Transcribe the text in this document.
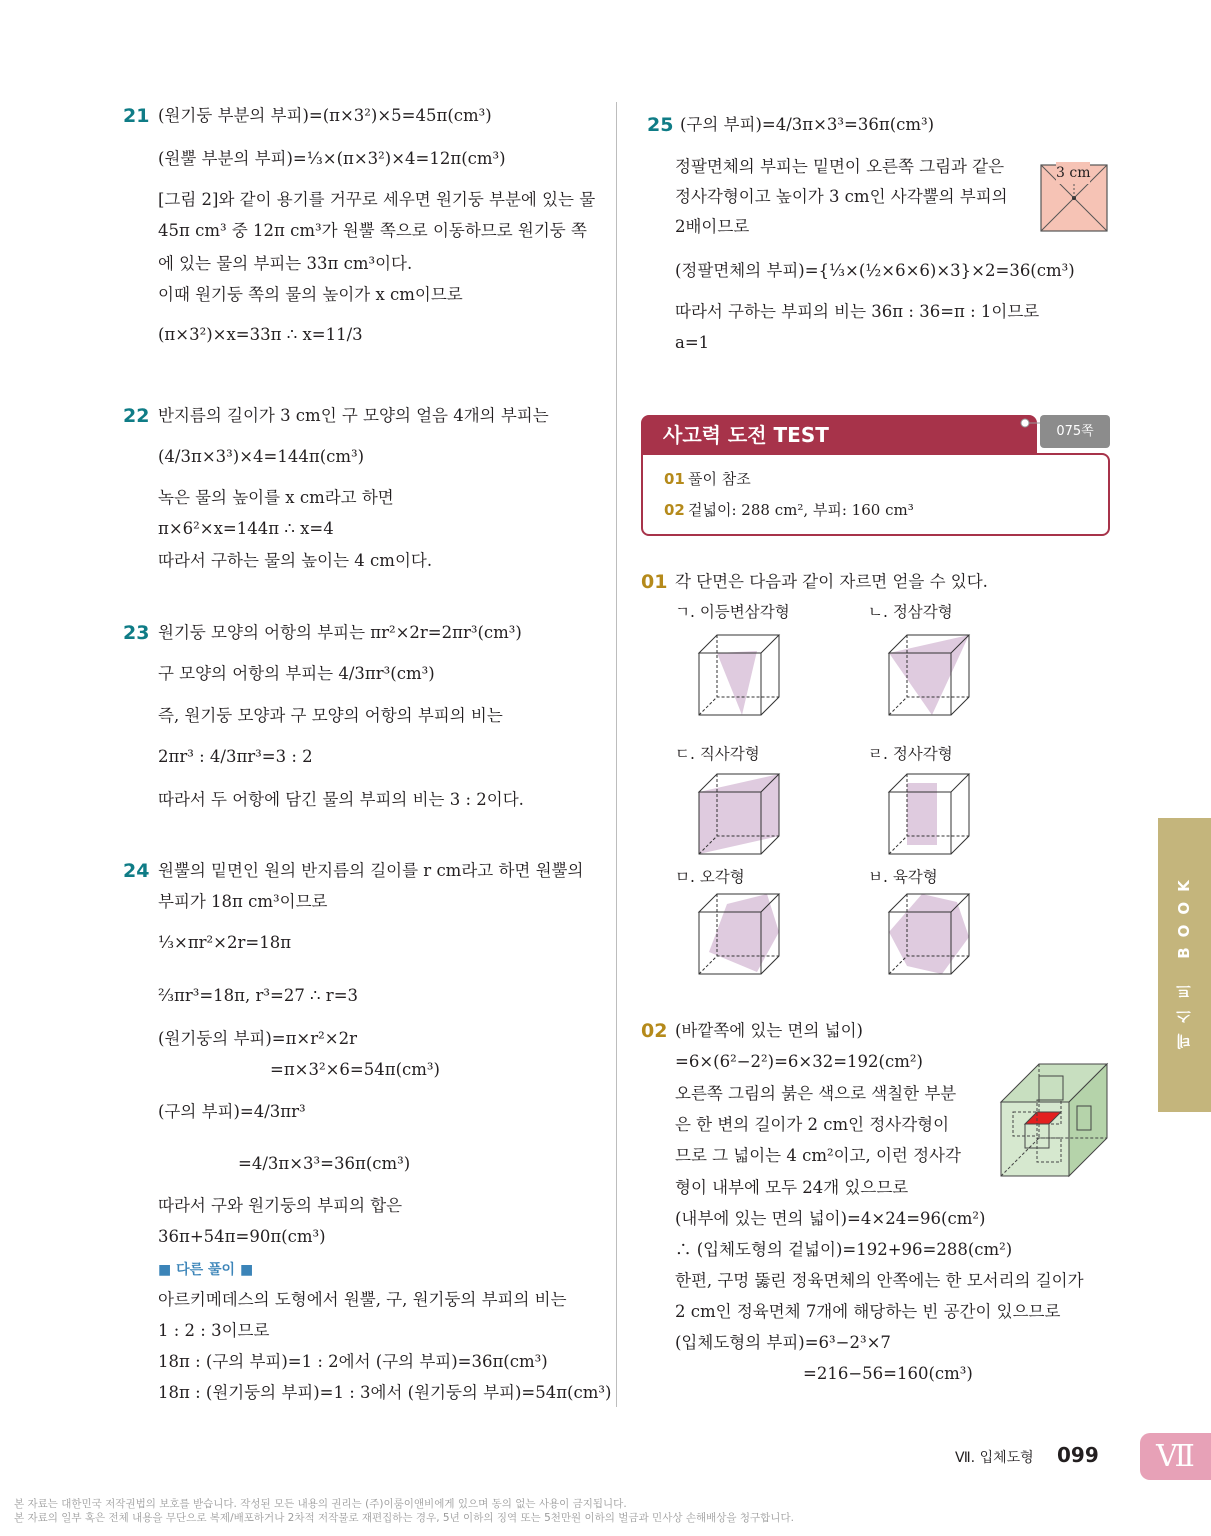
21 (원기둥 부분의 부피)=(π×3²)×5=45π(cm³)
(원뿔 부분의 부피)=⅓×(π×3²)×4=12π(cm³)
[그림 2]와 같이 용기를 거꾸로 세우면 원기둥 부분에 있는 물
45π cm³ 중 12π cm³가 원뿔 쪽으로 이동하므로 원기둥 쪽
에 있는 물의 부피는 33π cm³이다.
이때 원기둥 쪽의 물의 높이가 x cm이므로
(π×3²)×x=33π ∴ x=11/3
22 반지름의 길이가 3 cm인 구 모양의 얼음 4개의 부피는
(4/3π×3³)×4=144π(cm³)
녹은 물의 높이를 x cm라고 하면
π×6²×x=144π ∴ x=4
따라서 구하는 물의 높이는 4 cm이다.
23 원기둥 모양의 어항의 부피는 πr²×2r=2πr³(cm³)
구 모양의 어항의 부피는 4/3πr³(cm³)
즉, 원기둥 모양과 구 모양의 어항의 부피의 비는
2πr³ : 4/3πr³=3 : 2
따라서 두 어항에 담긴 물의 부피의 비는 3 : 2이다.
24 원뿔의 밑면인 원의 반지름의 길이를 r cm라고 하면 원뿔의
부피가 18π cm³이므로
⅓×πr²×2r=18π
⅔πr³=18π, r³=27 ∴ r=3
(원기둥의 부피)=π×r²×2r
=π×3²×6=54π(cm³)
(구의 부피)=4/3πr³
=4/3π×3³=36π(cm³)
따라서 구와 원기둥의 부피의 합은
36π+54π=90π(cm³)
■ 다른 풀이 ■
아르키메데스의 도형에서 원뿔, 구, 원기둥의 부피의 비는
1 : 2 : 3이므로
18π : (구의 부피)=1 : 2에서 (구의 부피)=36π(cm³)
18π : (원기둥의 부피)=1 : 3에서 (원기둥의 부피)=54π(cm³)
25 (구의 부피)=4/3π×3³=36π(cm³)
정팔면체의 부피는 밑면이 오른쪽 그림과 같은
정사각형이고 높이가 3 cm인 사각뿔의 부피의
2배이므로
(정팔면체의 부피)={⅓×(½×6×6)×3}×2=36(cm³)
따라서 구하는 부피의 비는 36π : 36=π : 1이므로
a=1
3 cm
사고력 도전 TEST	075쪽
01 풀이 참조
02 겉넓이: 288 cm², 부피: 160 cm³
01 각 단면은 다음과 같이 자르면 얻을 수 있다.
ㄱ. 이등변삼각형	ㄴ. 정삼각형
ㄷ. 직사각형	ㄹ. 정사각형
ㅁ. 오각형	ㅂ. 육각형
02 (바깥쪽에 있는 면의 넓이)
=6×(6²−2²)=6×32=192(cm²)
오른쪽 그림의 붉은 색으로 색칠한 부분
은 한 변의 길이가 2 cm인 정사각형이
므로 그 넓이는 4 cm²이고, 이런 정사각
형이 내부에 모두 24개 있으므로
(내부에 있는 면의 넓이)=4×24=96(cm²)
∴ (입체도형의 겉넓이)=192+96=288(cm²)
한편, 구멍 뚫린 정육면체의 안쪽에는 한 모서리의 길이가
2 cm인 정육면체 7개에 해당하는 빈 공간이 있으므로
(입체도형의 부피)=6³−2³×7
=216−56=160(cm³)
테스트 BOOK
Ⅶ. 입체도형 099	Ⅶ
본 자료는 대한민국 저작권법의 보호를 받습니다. 작성된 모든 내용의 권리는 (주)이룸이앤비에게 있으며 동의 없는 사용이 금지됩니다.
본 자료의 일부 혹은 전체 내용을 무단으로 복제/배포하거나 2차적 저작물로 재편집하는 경우, 5년 이하의 징역 또는 5천만원 이하의 벌금과 민사상 손해배상을 청구합니다.
